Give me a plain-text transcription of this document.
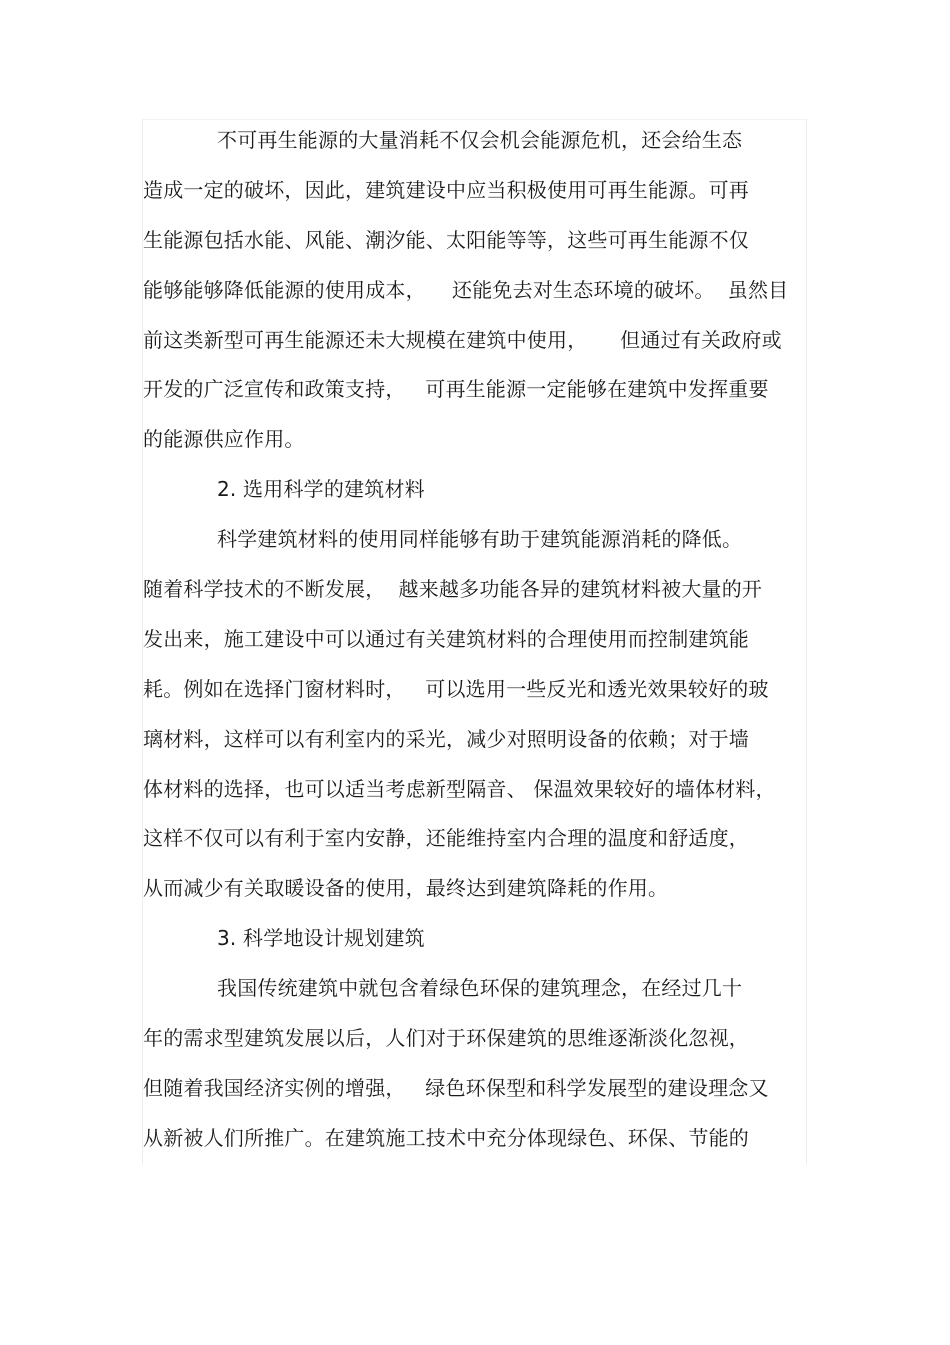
不可再生能源的大量消耗不仅会机会能源危机，还会给生态
造成一定的破坏，因此，建筑建设中应当积极使用可再生能源。可再
生能源包括水能、风能、潮汐能、太阳能等等，这些可再生能源不仅
能够能够降低能源的使用成本，    还能免去对生态环境的破坏。  虽然目
前这类新型可再生能源还未大规模在建筑中使用，     但通过有关政府或
开发的广泛宣传和政策支持，   可再生能源一定能够在建筑中发挥重要
的能源供应作用。
2. 选用科学的建筑材料
科学建筑材料的使用同样能够有助于建筑能源消耗的降低。
随着科学技术的不断发展，  越来越多功能各异的建筑材料被大量的开
发出来，施工建设中可以通过有关建筑材料的合理使用而控制建筑能
耗。例如在选择门窗材料时，   可以选用一些反光和透光效果较好的玻
璃材料，这样可以有利室内的采光，减少对照明设备的依赖；对于墙
体材料的选择，也可以适当考虑新型隔音、 保温效果较好的墙体材料，
这样不仅可以有利于室内安静，还能维持室内合理的温度和舒适度，
从而减少有关取暖设备的使用，最终达到建筑降耗的作用。
3. 科学地设计规划建筑
我国传统建筑中就包含着绿色环保的建筑理念，在经过几十
年的需求型建筑发展以后，人们对于环保建筑的思维逐渐淡化忽视，
但随着我国经济实例的增强，   绿色环保型和科学发展型的建设理念又
从新被人们所推广。在建筑施工技术中充分体现绿色、环保、节能的
